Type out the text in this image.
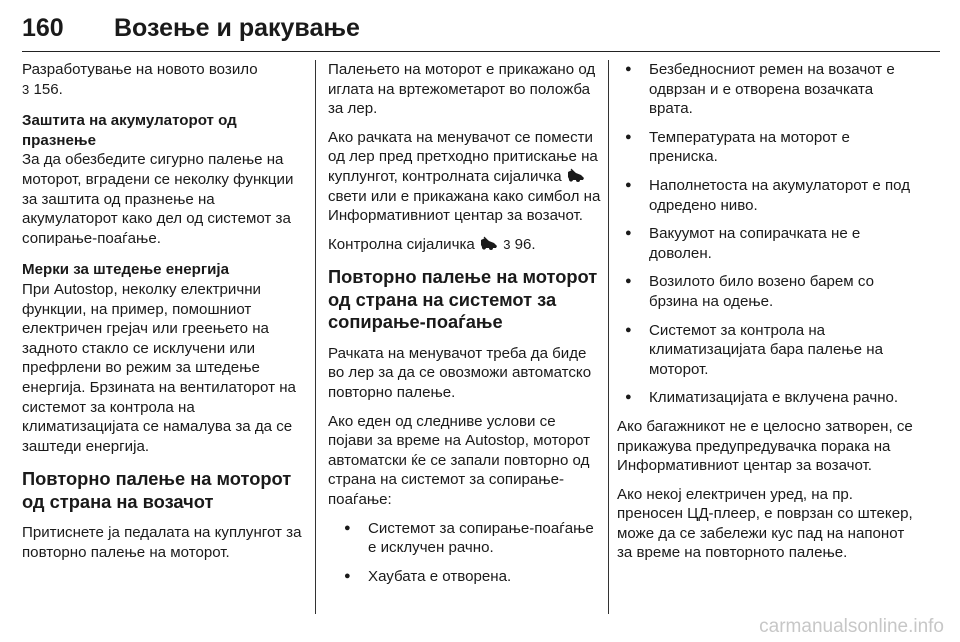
160 Возење и ракување

Разработување на новото возило
3 156.

Заштита на акумулаторот од празнење

За да обезбедите сигурно палење на моторот, вградени се неколку функции за заштита од празнење на акумулаторот како дел од системот за сопирање-поаѓање.

Мерки за штедење енергија

При Autostop, неколку електрични функции, на пример, помошниот електричен грејач или греењето на задното стакло се исклучени или префрлени во режим за штедење енергија. Брзината на вентилаторот на системот за контрола на климатизацијата се намалува за да се заштеди енергија.

Повторно палење на моторот од страна на возачот

Притиснете ја педалата на куплунгот за повторно палење на моторот.

Палењето на моторот е прикажано од иглата на вртежометарот во положба за лер.

Ако рачката на менувачот се помести од лер пред претходно притискање на куплунгот, контролната сијаличка  свети или е прикажана како симбол на Информативниот центар за возачот.

Контролна сијаличка 3 96.

Повторно палење на моторот од страна на системот за сопирање-поаѓање

Рачката на менувачот треба да биде во лер за да се овозможи автоматско повторно палење.

Ако еден од следниве услови се појави за време на Autostop, моторот автоматски ќе се запали повторно од страна на системот за сопирање-поаѓање:

● Системот за сопирање-поаѓање е исклучен рачно.
● Хаубата е отворена.
● Безбедносниот ремен на возачот е одврзан и е отворена возачката врата.
● Температурата на моторот е прениска.
● Наполнетоста на акумулаторот е под одредено ниво.
● Вакуумот на сопирачката не е доволен.
● Возилото било возено барем со брзина на одење.
● Системот за контрола на климатизацијата бара палење на моторот.
● Климатизацијата е вклучена рачно.

Ако багажникот не е целосно затворен, се прикажува предупредувачка порака на Информативниот центар за возачот.

Ако некој електричен уред, на пр. преносен ЦД-плеер, е поврзан со штекер, може да се забележи кус пад на напонот за време на повторното палење.

carmanualsonline.info
